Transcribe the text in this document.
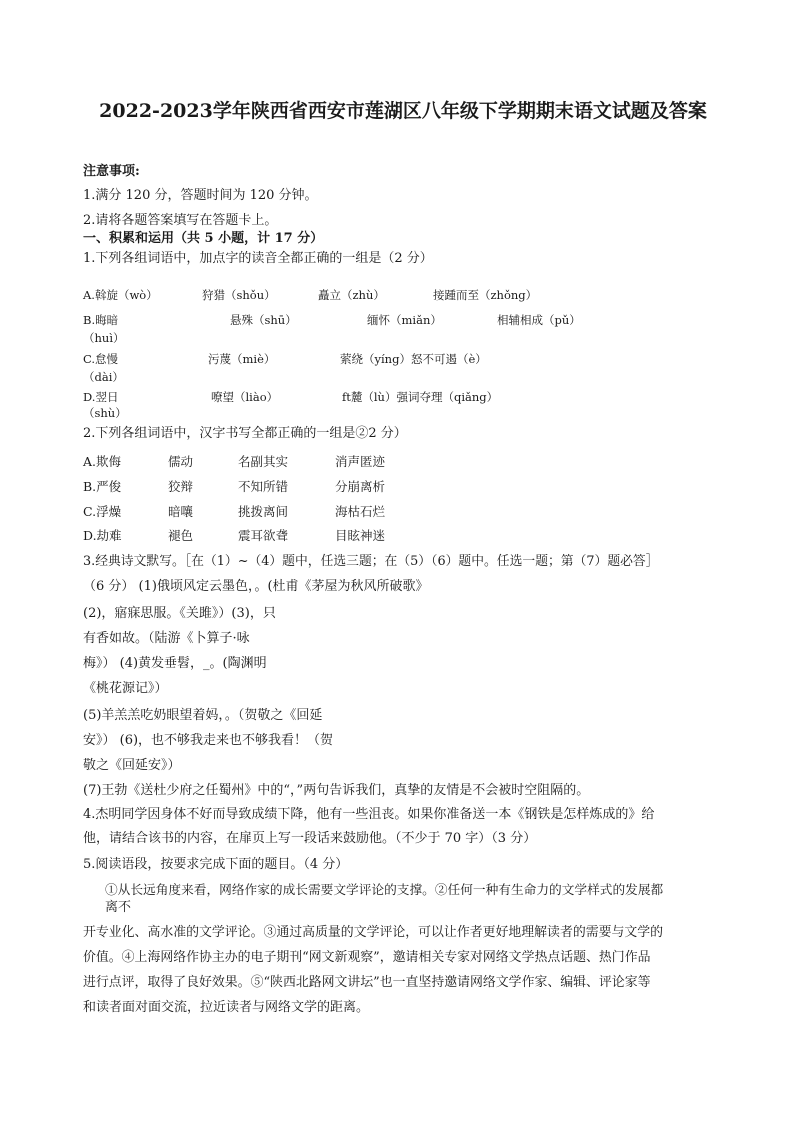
2022-2023学年陕西省西安市莲湖区八年级下学期期末语文试题及答案
注意事项:
1.满分 120 分，答题时间为 120 分钟。
2.请将各题答案填写在答题卡上。
一、积累和运用（共 5 小题，计 17 分）
1.下列各组词语中，加点字的读音全都正确的一组是（2 分）
A.斡旋（wò）	狩猎（shǒu）	矗立（zhù）	接踵而至（zhǒng）
B.晦暗	悬殊（shū）	缅怀（miǎn）	相辅相成（pǔ）
（huì）
C.怠慢	污蔑（miè）	萦绕（yíng）怒不可遏（è）
（dài）
D.翌日	嘹望（liào）	ft麓（lù）强词夺理（qiǎng）
（shù）
2.下列各组词语中，汉字书写全都正确的一组是②2 分）
A.欺侮	儒动	名副其实	消声匿迹
B.严俊	狡辩	不知所错	分崩离析
C.浮燥	暗嚷	挑拨离间	海枯石烂
D.劫难	褪色	震耳欲聋	目眩神迷
3.经典诗文默写。［在（1）~（4）题中，任选三题；在（5）（6）题中。任选一题；第（7）题必答］
（6 分） (1)俄顷风定云墨色，。(杜甫《茅屋为秋风所破歌》
(2)，寤寐思服。《关雎》）(3)，只
有香如故。（陆游《卜算子·咏
梅》） (4)黄发垂髫，_。(陶渊明
《桃花源记》）
(5)羊羔羔吃奶眼望着妈，。（贺敬之《回延
安》） (6)，也不够我走来也不够我看！（贺
敬之《回延安》）
(7)王勃《送杜少府之任蜀州》中的“，”两句告诉我们，真挚的友情是不会被时空阻隔的。
4.杰明同学因身体不好而导致成绩下降，他有一些沮丧。如果你准备送一本《钢铁是怎样炼成的》给
他，请结合该书的内容，在扉页上写一段话来鼓励他。（不少于 70 字）（3 分）
5.阅读语段，按要求完成下面的题目。（4 分）
①从长远角度来看，网络作家的成长需要文学评论的支撑。②任何一种有生命力的文学样式的发展都
离不
开专业化、高水准的文学评论。③通过高质量的文学评论，可以让作者更好地理解读者的需要与文学的
价值。④上海网络作协主办的电子期刊“网文新观察”，邀请相关专家对网络文学热点话题、热门作品
进行点评，取得了良好效果。⑤“陕西北路网文讲坛”也一直坚持邀请网络文学作家、编辑、评论家等
和读者面对面交流，拉近读者与网络文学的距离。
